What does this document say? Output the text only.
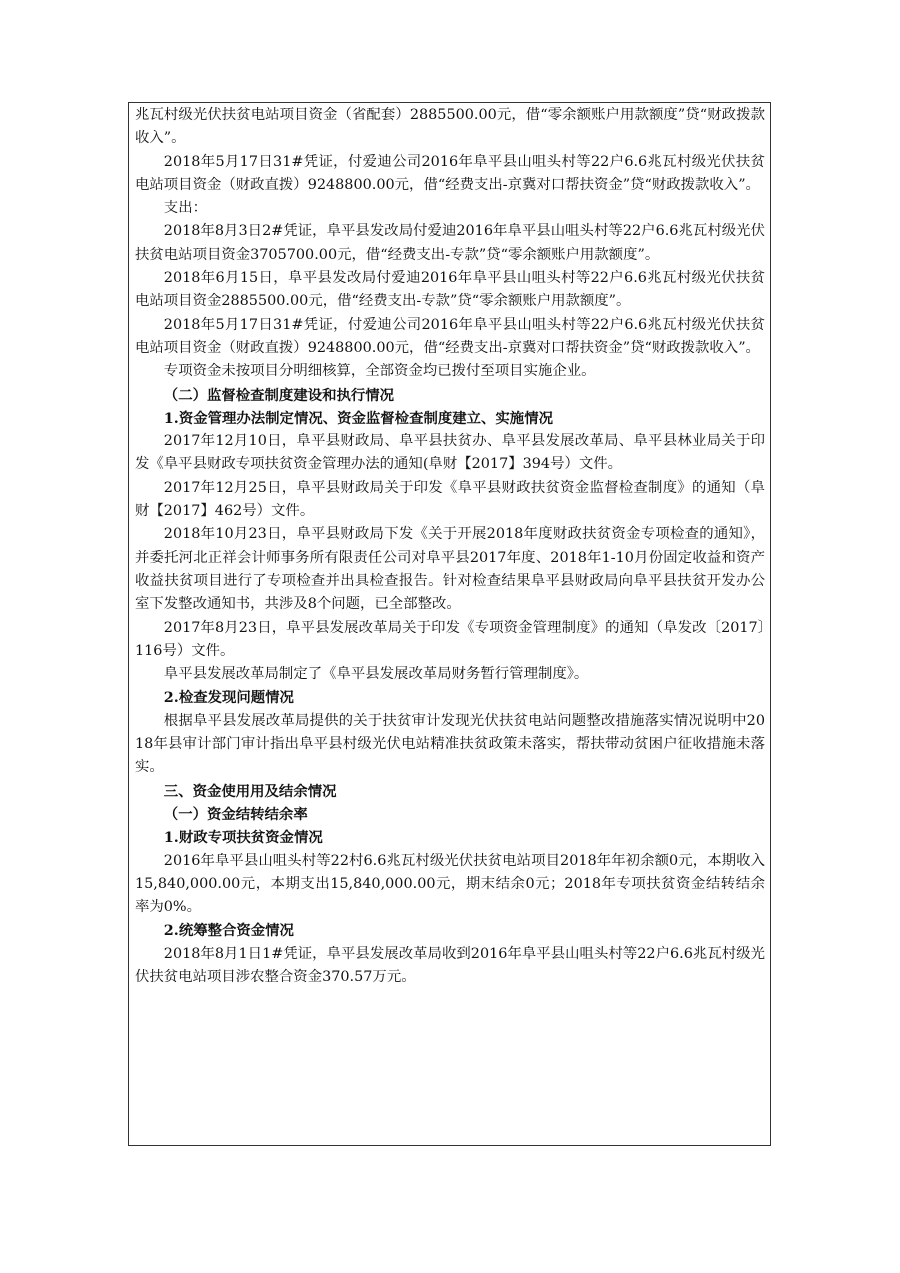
兆瓦村级光伏扶贫电站项目资金（省配套）2885500.00元，借“零余额账户用款额度”贷“财政拨款收入”。

2018年5月17日31#凭证，付爱迪公司2016年阜平县山咀头村等22户6.6兆瓦村级光伏扶贫电站项目资金（财政直拨）9248800.00元，借“经费支出-京冀对口帮扶资金”贷“财政拨款收入”。

支出：

2018年8月3日2#凭证，阜平县发改局付爱迪2016年阜平县山咀头村等22户6.6兆瓦村级光伏扶贫电站项目资金3705700.00元，借“经费支出-专款”贷“零余额账户用款额度”。

2018年6月15日，阜平县发改局付爱迪2016年阜平县山咀头村等22户6.6兆瓦村级光伏扶贫电站项目资金2885500.00元，借“经费支出-专款”贷“零余额账户用款额度”。

2018年5月17日31#凭证，付爱迪公司2016年阜平县山咀头村等22户6.6兆瓦村级光伏扶贫电站项目资金（财政直拨）9248800.00元，借“经费支出-京冀对口帮扶资金”贷“财政拨款收入”。

专项资金未按项目分明细核算，全部资金均已拨付至项目实施企业。

（二）监督检查制度建设和执行情况

1.资金管理办法制定情况、资金监督检查制度建立、实施情况

2017年12月10日，阜平县财政局、阜平县扶贫办、阜平县发展改革局、阜平县林业局关于印发《阜平县财政专项扶贫资金管理办法的通知(阜财【2017】394号）文件。

2017年12月25日，阜平县财政局关于印发《阜平县财政扶贫资金监督检查制度》的通知（阜财【2017】462号）文件。

2018年10月23日，阜平县财政局下发《关于开展2018年度财政扶贫资金专项检查的通知》，并委托河北正祥会计师事务所有限责任公司对阜平县2017年度、2018年1-10月份固定收益和资产收益扶贫项目进行了专项检查并出具检查报告。针对检查结果阜平县财政局向阜平县扶贫开发办公室下发整改通知书，共涉及8个问题，已全部整改。

2017年8月23日，阜平县发展改革局关于印发《专项资金管理制度》的通知（阜发改〔2017〕116号）文件。

阜平县发展改革局制定了《阜平县发展改革局财务暂行管理制度》。

2.检查发现问题情况

根据阜平县发展改革局提供的关于扶贫审计发现光伏扶贫电站问题整改措施落实情况说明中2018年县审计部门审计指出阜平县村级光伏电站精准扶贫政策未落实，帮扶带动贫困户征收措施未落实。

三、资金使用用及结余情况

（一）资金结转结余率

1.财政专项扶贫资金情况

2016年阜平县山咀头村等22村6.6兆瓦村级光伏扶贫电站项目2018年年初余额0元，本期收入15,840,000.00元，本期支出15,840,000.00元，期末结余0元；2018年专项扶贫资金结转结余率为0%。

2.统筹整合资金情况

2018年8月1日1#凭证，阜平县发展改革局收到2016年阜平县山咀头村等22户6.6兆瓦村级光伏扶贫电站项目涉农整合资金370.57万元。
